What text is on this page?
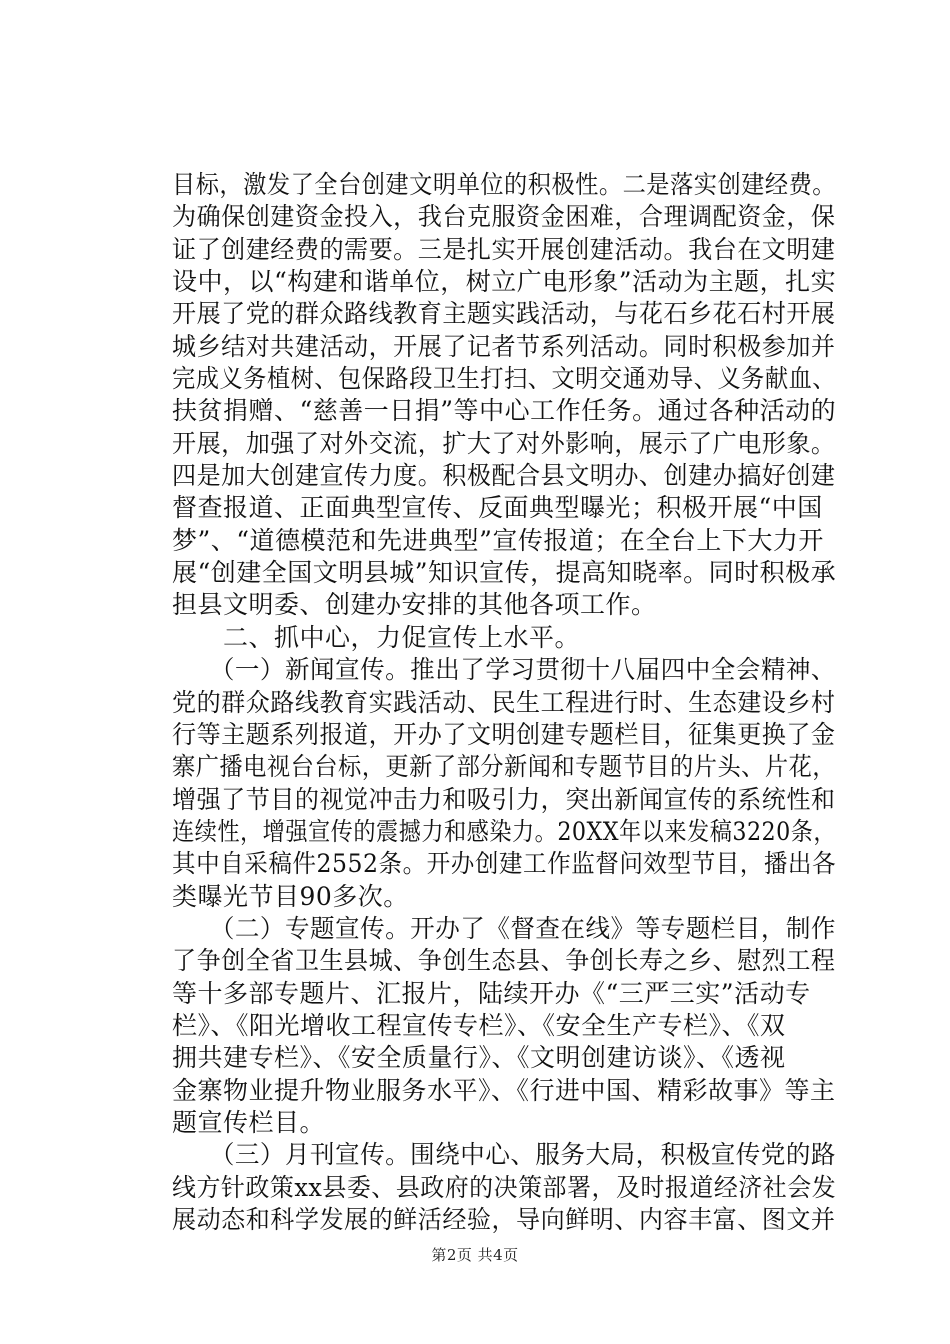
目标，激发了全台创建文明单位的积极性。二是落实创建经费。
为确保创建资金投入，我台克服资金困难，合理调配资金，保
证了创建经费的需要。三是扎实开展创建活动。我台在文明建
设中，以“构建和谐单位，树立广电形象”活动为主题，扎实
开展了党的群众路线教育主题实践活动，与花石乡花石村开展
城乡结对共建活动，开展了记者节系列活动。同时积极参加并
完成义务植树、包保路段卫生打扫、文明交通劝导、义务献血、
扶贫捐赠、“慈善一日捐”等中心工作任务。通过各种活动的
开展，加强了对外交流，扩大了对外影响，展示了广电形象。
四是加大创建宣传力度。积极配合县文明办、创建办搞好创建
督查报道、正面典型宣传、反面典型曝光；积极开展“中国
梦”、“道德模范和先进典型”宣传报道；在全台上下大力开
展“创建全国文明县城”知识宣传，提高知晓率。同时积极承
担县文明委、创建办安排的其他各项工作。
　　二、抓中心，力促宣传上水平。
　　（一）新闻宣传。推出了学习贯彻十八届四中全会精神、
党的群众路线教育实践活动、民生工程进行时、生态建设乡村
行等主题系列报道，开办了文明创建专题栏目，征集更换了金
寨广播电视台台标，更新了部分新闻和专题节目的片头、片花，
增强了节目的视觉冲击力和吸引力，突出新闻宣传的系统性和
连续性，增强宣传的震撼力和感染力。20XX年以来发稿3220条，
其中自采稿件2552条。开办创建工作监督问效型节目，播出各
类曝光节目90多次。
　　（二）专题宣传。开办了《督查在线》等专题栏目，制作
了争创全省卫生县城、争创生态县、争创长寿之乡、慰烈工程
等十多部专题片、汇报片，陆续开办《“三严三实”活动专
栏》、《阳光增收工程宣传专栏》、《安全生产专栏》、《双
拥共建专栏》、《安全质量行》、《文明创建访谈》、《透视
金寨物业提升物业服务水平》、《行进中国、精彩故事》等主
题宣传栏目。
　　（三）月刊宣传。围绕中心、服务大局，积极宣传党的路
线方针政策xx县委、县政府的决策部署，及时报道经济社会发
展动态和科学发展的鲜活经验，导向鲜明、内容丰富、图文并
第2页 共4页
